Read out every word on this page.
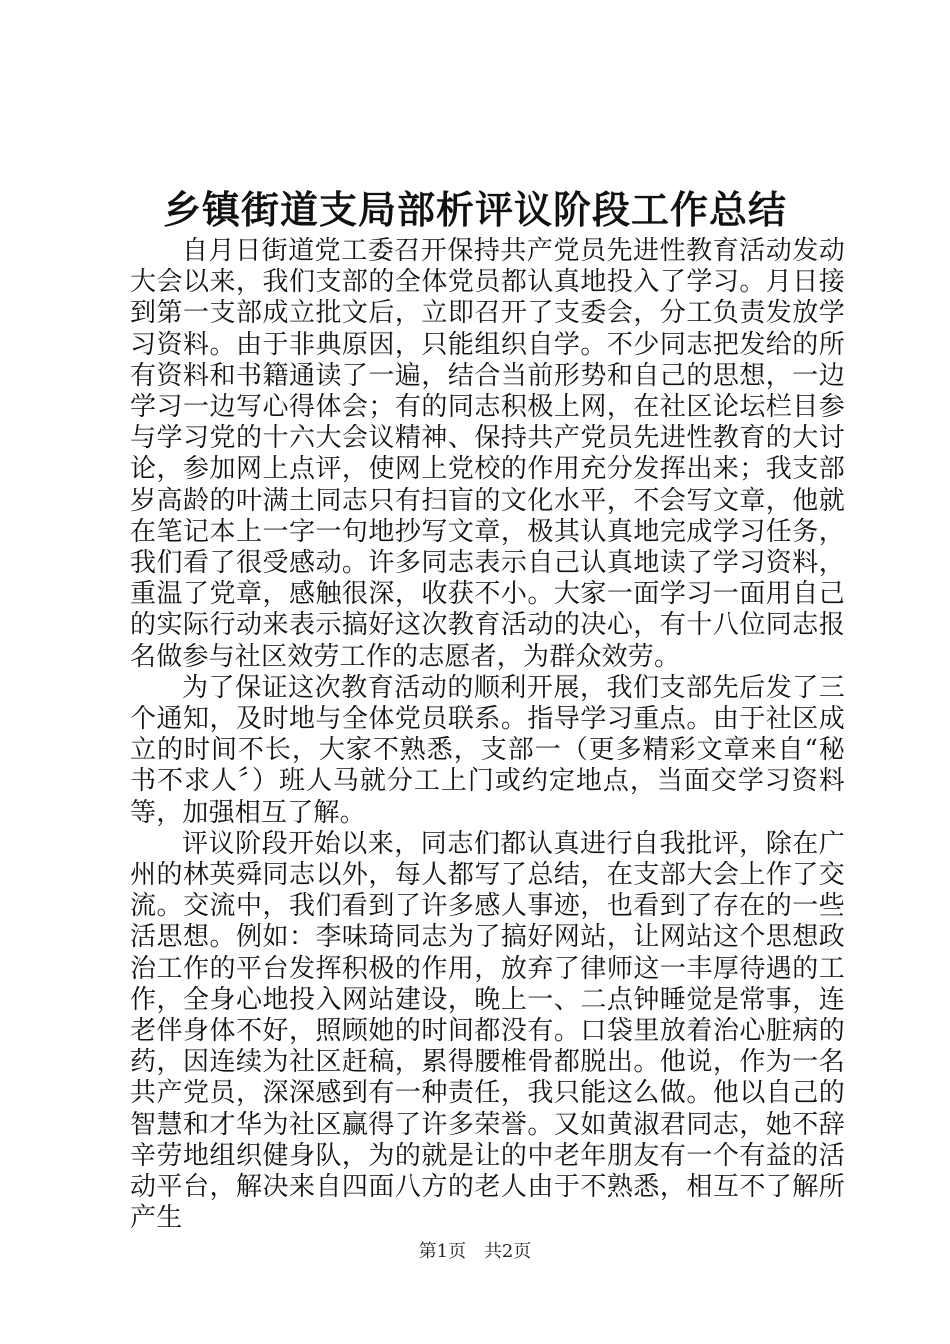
乡镇街道支局部析评议阶段工作总结

自月日街道党工委召开保持共产党员先进性教育活动发动大会以来，我们支部的全体党员都认真地投入了学习。月日接到第一支部成立批文后，立即召开了支委会，分工负责发放学习资料。由于非典原因，只能组织自学。不少同志把发给的所有资料和书籍通读了一遍，结合当前形势和自己的思想，一边学习一边写心得体会；有的同志积极上网，在社区论坛栏目参与学习党的十六大会议精神、保持共产党员先进性教育的大讨论，参加网上点评，使网上党校的作用充分发挥出来；我支部岁高龄的叶满土同志只有扫盲的文化水平，不会写文章，他就在笔记本上一字一句地抄写文章，极其认真地完成学习任务，我们看了很受感动。许多同志表示自己认真地读了学习资料，重温了党章，感触很深，收获不小。大家一面学习一面用自己的实际行动来表示搞好这次教育活动的决心，有十八位同志报名做参与社区效劳工作的志愿者，为群众效劳。

为了保证这次教育活动的顺利开展，我们支部先后发了三个通知，及时地与全体党员联系。指导学习重点。由于社区成立的时间不长，大家不熟悉，支部一（更多精彩文章来自“秘书不求人〞）班人马就分工上门或约定地点，当面交学习资料等，加强相互了解。

评议阶段开始以来，同志们都认真进行自我批评，除在广州的林英舜同志以外，每人都写了总结，在支部大会上作了交流。交流中，我们看到了许多感人事迹，也看到了存在的一些活思想。例如：李味琦同志为了搞好网站，让网站这个思想政治工作的平台发挥积极的作用，放弃了律师这一丰厚待遇的工作，全身心地投入网站建设，晚上一、二点钟睡觉是常事，连老伴身体不好，照顾她的时间都没有。口袋里放着治心脏病的药，因连续为社区赶稿，累得腰椎骨都脱出。他说，作为一名共产党员，深深感到有一种责任，我只能这么做。他以自己的智慧和才华为社区赢得了许多荣誉。又如黄淑君同志，她不辞辛劳地组织健身队，为的就是让的中老年朋友有一个有益的活动平台，解决来自四面八方的老人由于不熟悉，相互不了解所产生

第1页 共2页
